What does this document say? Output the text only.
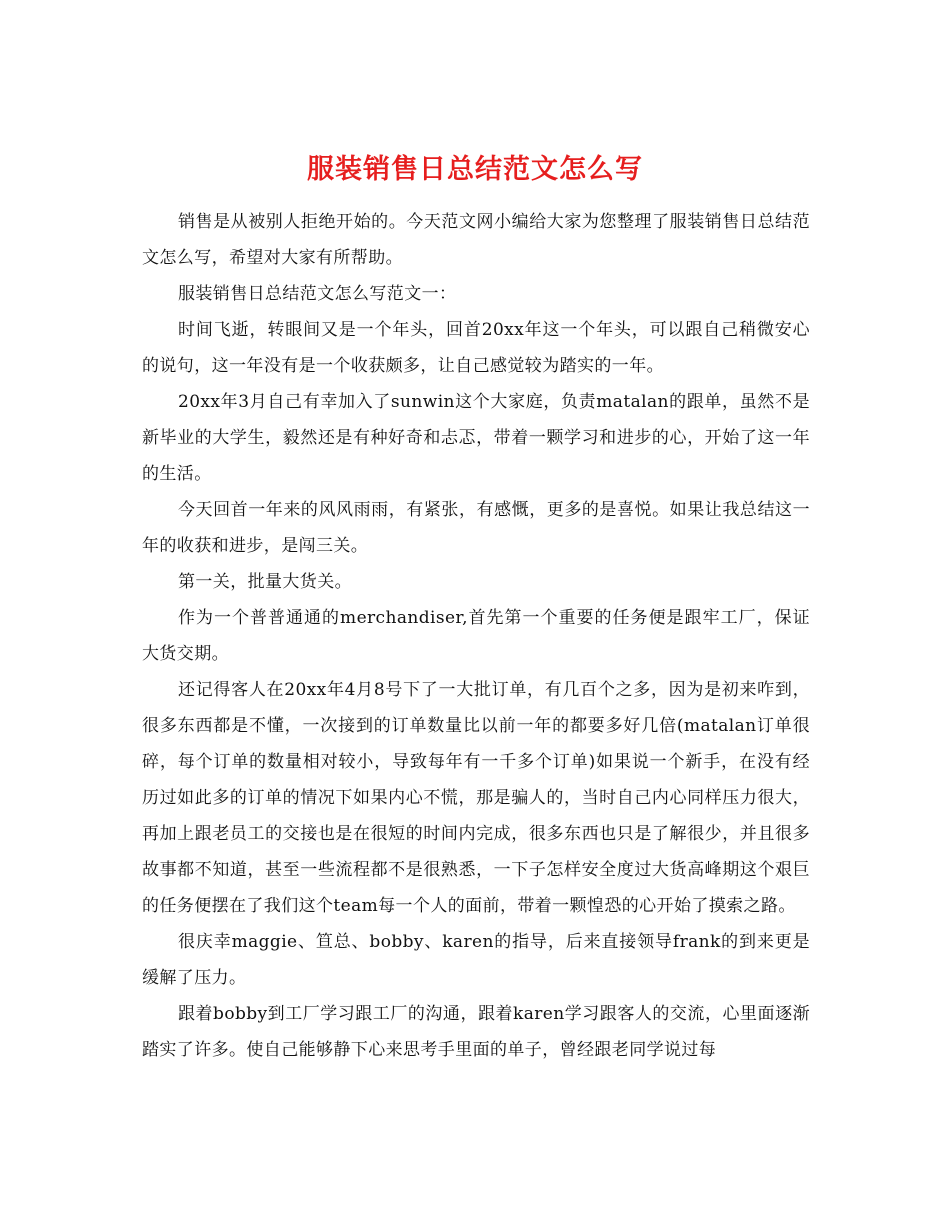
服装销售日总结范文怎么写

销售是从被别人拒绝开始的。今天范文网小编给大家为您整理了服装销售日总结范文怎么写，希望对大家有所帮助。

服装销售日总结范文怎么写范文一：

时间飞逝，转眼间又是一个年头，回首20xx年这一个年头，可以跟自己稍微安心的说句，这一年没有是一个收获颇多，让自己感觉较为踏实的一年。

20xx年3月自己有幸加入了sunwin这个大家庭，负责matalan的跟单，虽然不是新毕业的大学生，毅然还是有种好奇和忐忑，带着一颗学习和进步的心，开始了这一年的生活。

今天回首一年来的风风雨雨，有紧张，有感慨，更多的是喜悦。如果让我总结这一年的收获和进步，是闯三关。

第一关，批量大货关。

作为一个普普通通的merchandiser,首先第一个重要的任务便是跟牢工厂，保证大货交期。

还记得客人在20xx年4月8号下了一大批订单，有几百个之多，因为是初来咋到，很多东西都是不懂，一次接到的订单数量比以前一年的都要多好几倍(matalan订单很碎，每个订单的数量相对较小，导致每年有一千多个订单)如果说一个新手，在没有经历过如此多的订单的情况下如果内心不慌，那是骗人的，当时自己内心同样压力很大，再加上跟老员工的交接也是在很短的时间内完成，很多东西也只是了解很少，并且很多故事都不知道，甚至一些流程都不是很熟悉，一下子怎样安全度过大货高峰期这个艰巨的任务便摆在了我们这个team每一个人的面前，带着一颗惶恐的心开始了摸索之路。

很庆幸maggie、笪总、bobby、karen的指导，后来直接领导frank的到来更是缓解了压力。

跟着bobby到工厂学习跟工厂的沟通，跟着karen学习跟客人的交流，心里面逐渐踏实了许多。使自己能够静下心来思考手里面的单子，曾经跟老同学说过每
